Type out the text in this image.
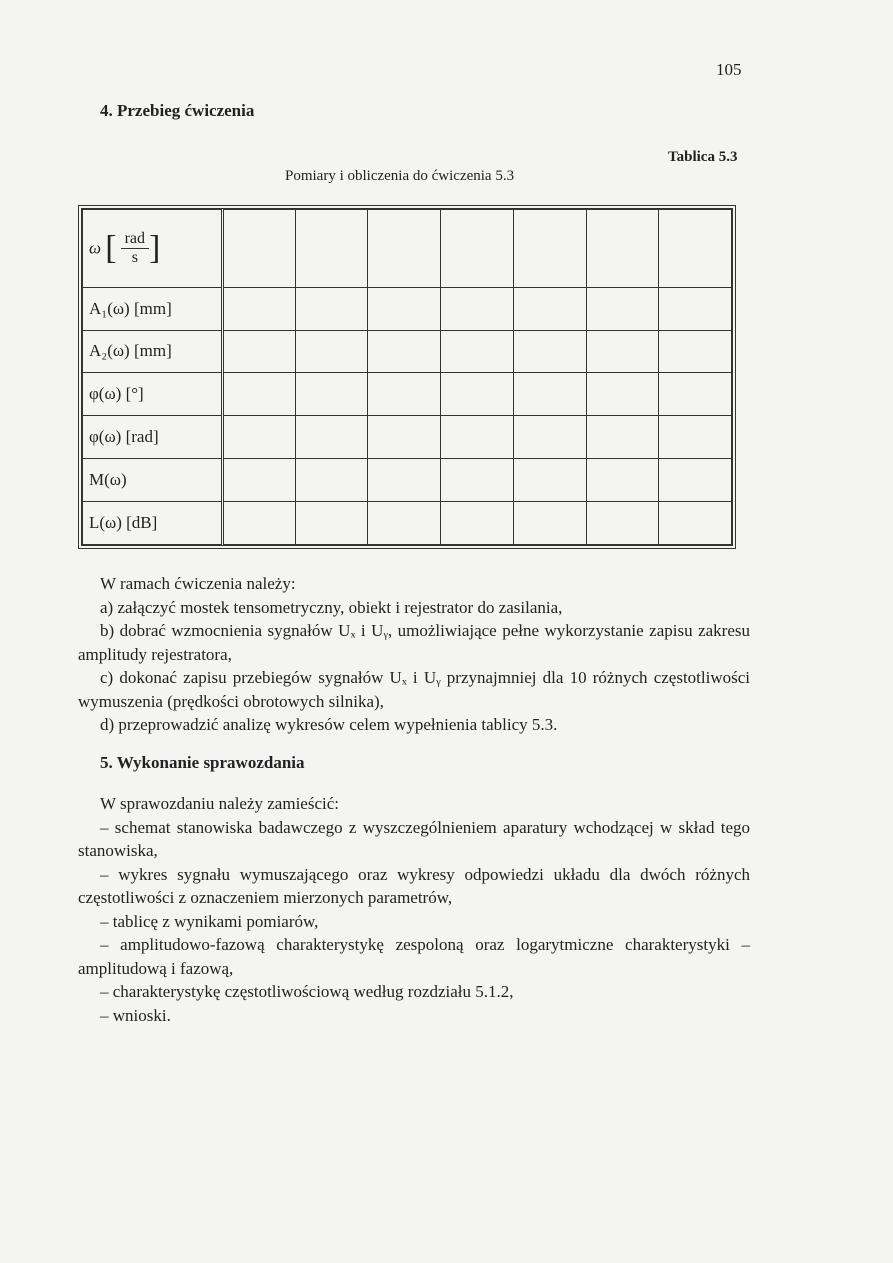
105
4. Przebieg ćwiczenia
Tablica 5.3
Pomiary i obliczenia do ćwiczenia 5.3
ω [ $\frac{\text{rad}}{s}$ ]							
A₁(ω) [mm]							
A₂(ω) [mm]							
φ(ω) [°]							
φ(ω) [rad]							
M(ω)							
L(ω) [dB]							

W ramach ćwiczenia należy:

a) załączyć mostek tensometryczny, obiekt i rejestrator do zasilania,

b) dobrać wzmocnienia sygnałów Uₓ i Uᵧ, umożliwiające pełne wykorzystanie zapisu zakresu amplitudy rejestratora,

c) dokonać zapisu przebiegów sygnałów Uₓ i Uᵧ przynajmniej dla 10 różnych częstotliwości wymuszenia (prędkości obrotowych silnika),

d) przeprowadzić analizę wykresów celem wypełnienia tablicy 5.3.

5. Wykonanie sprawozdania

W sprawozdaniu należy zamieścić:

– schemat stanowiska badawczego z wyszczególnieniem aparatury wchodzącej w skład tego stanowiska,

– wykres sygnału wymuszającego oraz wykresy odpowiedzi układu dla dwóch różnych częstotliwości z oznaczeniem mierzonych parametrów,

– tablicę z wynikami pomiarów,

– amplitudowo-fazową charakterystykę zespoloną oraz logarytmiczne charakterystyki – amplitudową i fazową,

– charakterystykę częstotliwościową według rozdziału 5.1.2,

– wnioski.
